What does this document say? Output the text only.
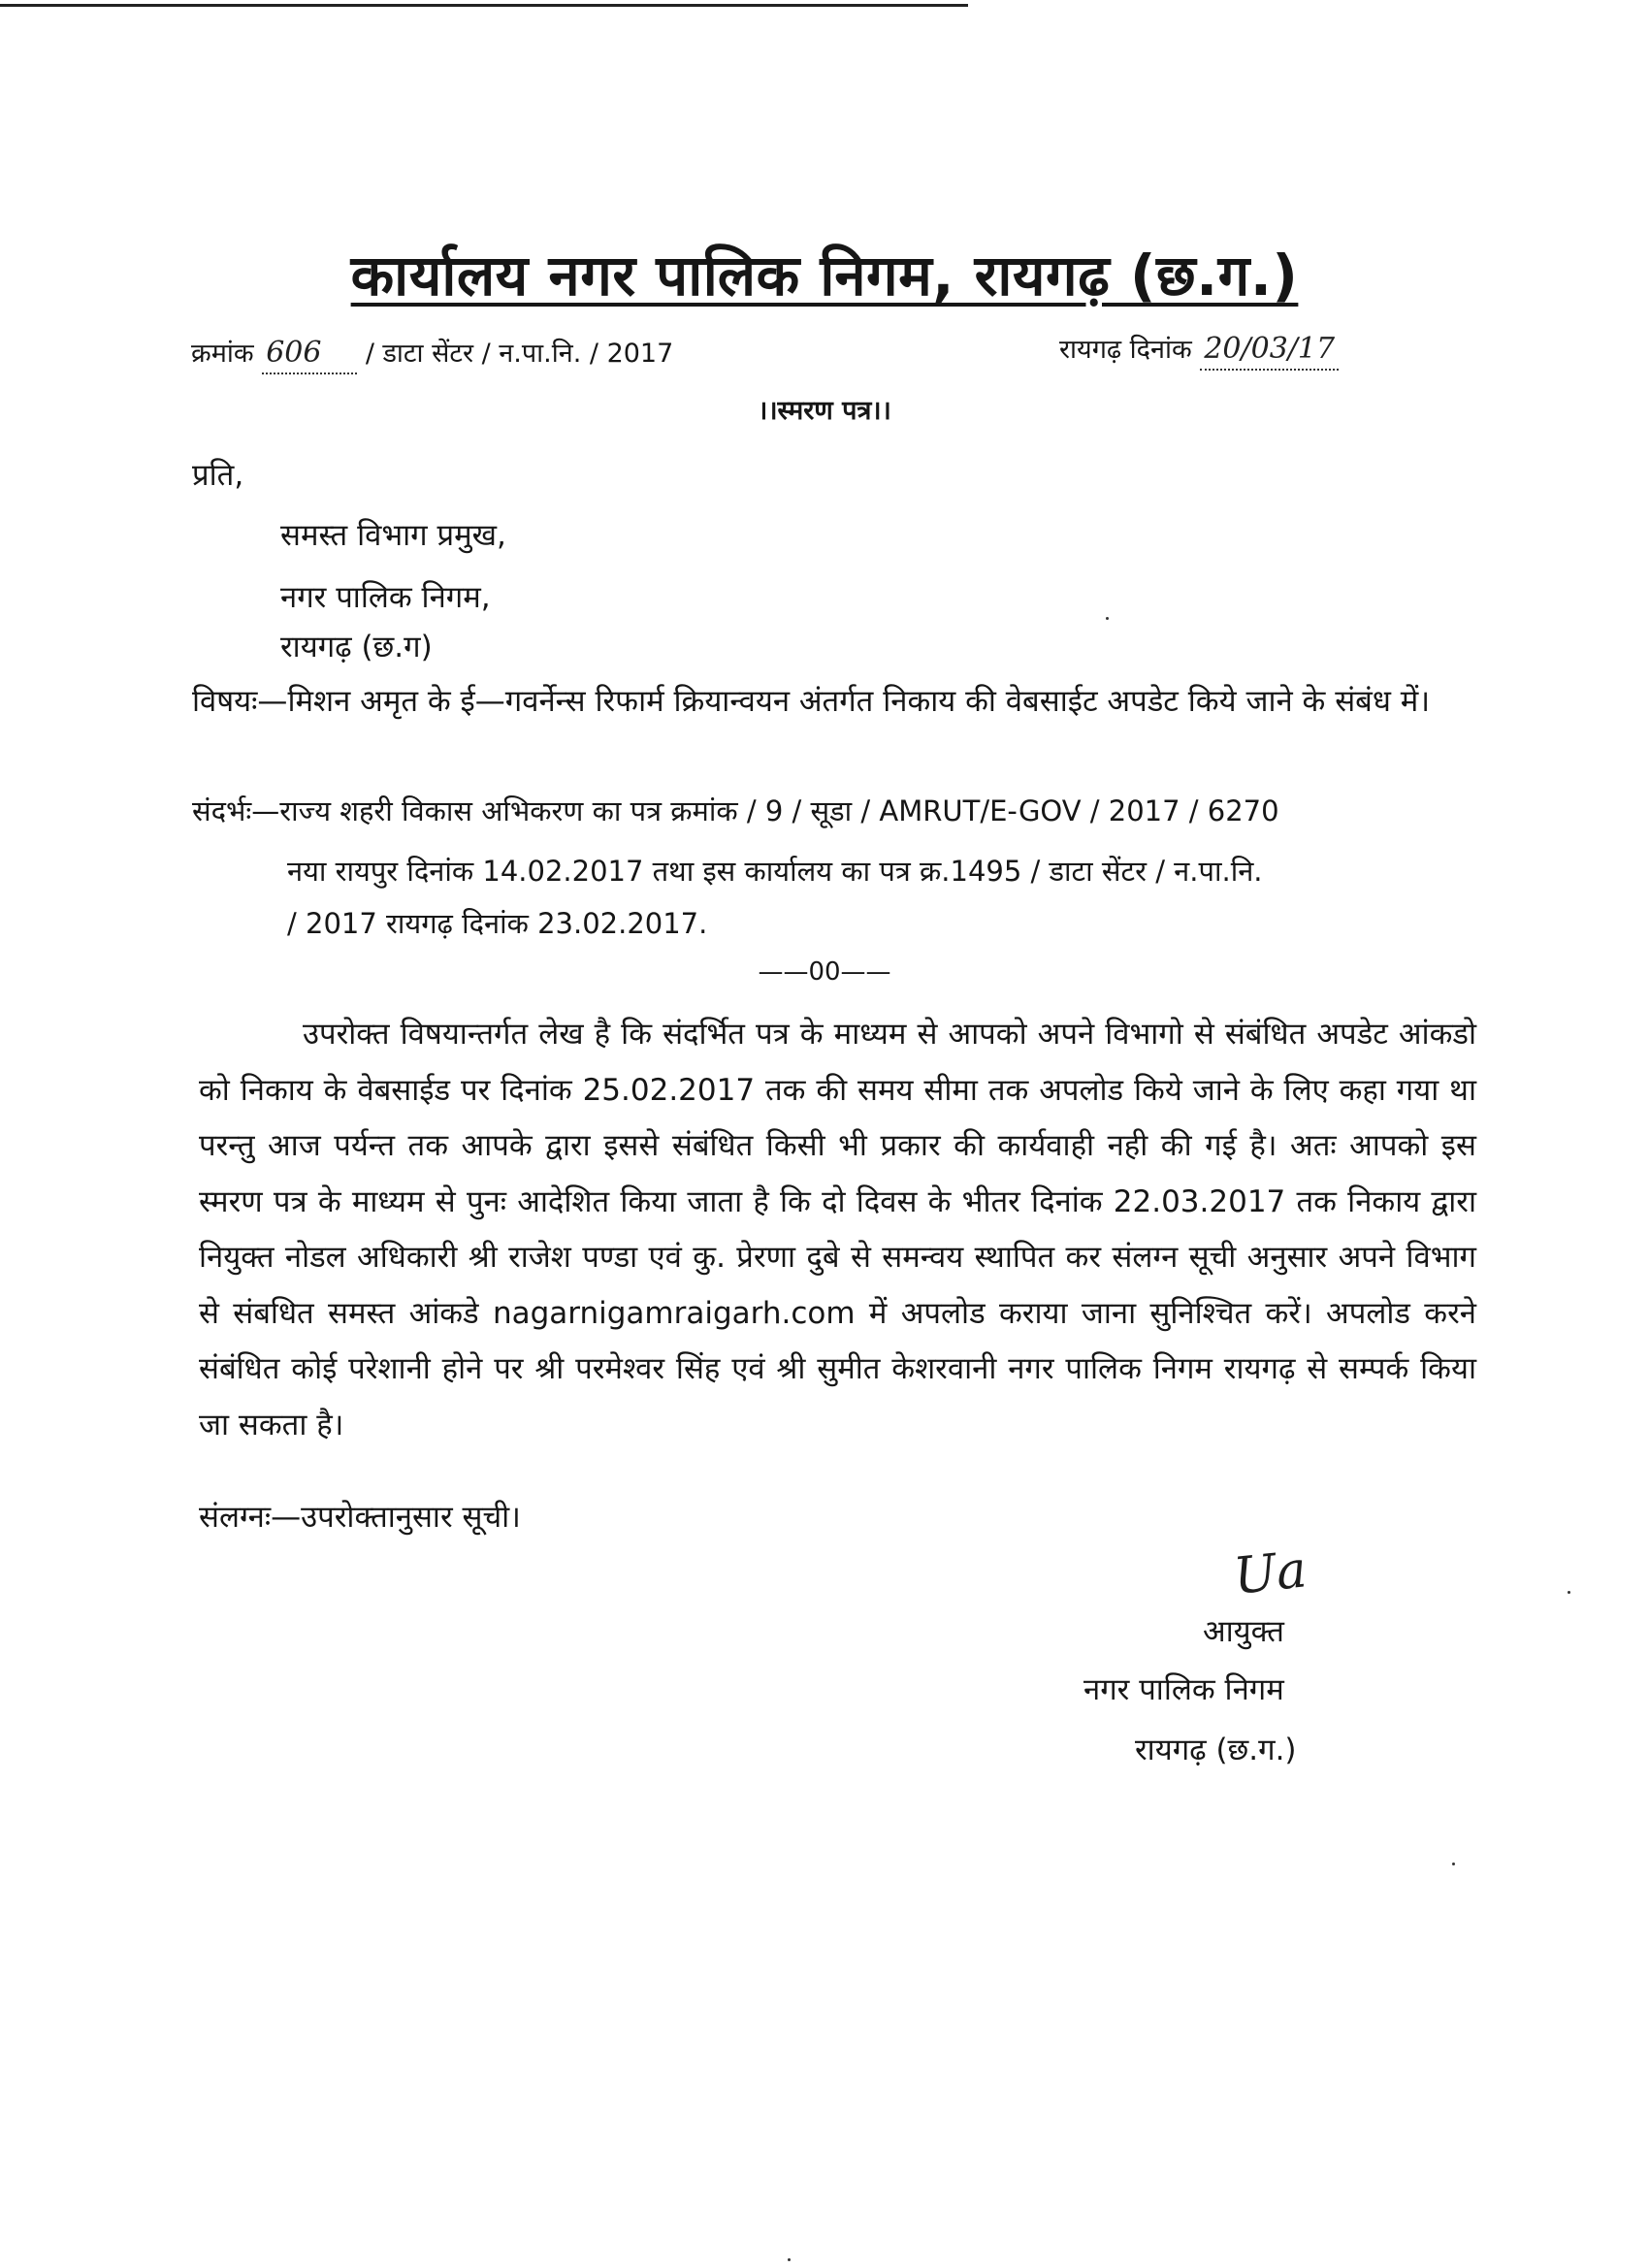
कार्यालय नगर पालिक निगम, रायगढ़ (छ.ग.)
क्रमांक 606 / डाटा सेंटर / न.पा.नि. / 2017	रायगढ़ दिनांक 20/03/17
।।स्मरण पत्र।।
प्रति,
समस्त विभाग प्रमुख,
नगर पालिक निगम,
रायगढ़ (छ.ग)
विषयः—मिशन अमृत के ई—गवर्नेन्स रिफार्म क्रियान्वयन अंतर्गत निकाय की वेबसाईट अपडेट किये जाने के संबंध में।
संदर्भः—राज्य शहरी विकास अभिकरण का पत्र क्रमांक / 9 / सूडा / AMRUT/E-GOV / 2017 / 6270
नया रायपुर दिनांक 14.02.2017 तथा इस कार्यालय का पत्र क्र.1495 / डाटा सेंटर / न.पा.नि.
/ 2017 रायगढ़ दिनांक 23.02.2017.
——00——
उपरोक्त विषयान्तर्गत लेख है कि संदर्भित पत्र के माध्यम से आपको अपने विभागो से संबंधित अपडेट आंकडो को निकाय के वेबसाईड पर दिनांक 25.02.2017 तक की समय सीमा तक अपलोड किये जाने के लिए कहा गया था परन्तु आज पर्यन्त तक आपके द्वारा इससे संबंधित किसी भी प्रकार की कार्यवाही नही की गई है। अतः आपको इस स्मरण पत्र के माध्यम से पुनः आदेशित किया जाता है कि दो दिवस के भीतर दिनांक 22.03.2017 तक निकाय द्वारा नियुक्त नोडल अधिकारी श्री राजेश पण्डा एवं कु. प्रेरणा दुबे से समन्वय स्थापित कर संलग्न सूची अनुसार अपने विभाग से संबधित समस्त आंकडे nagarnigamraigarh.com में अपलोड कराया जाना सुनिश्चित करें। अपलोड करने संबंधित कोई परेशानी होने पर श्री परमेश्वर सिंह एवं श्री सुमीत केशरवानी नगर पालिक निगम रायगढ़ से सम्पर्क किया जा सकता है।
संलग्नः—उपरोक्तानुसार सूची।
Ua
आयुक्त
नगर पालिक निगम
रायगढ़ (छ.ग.)
